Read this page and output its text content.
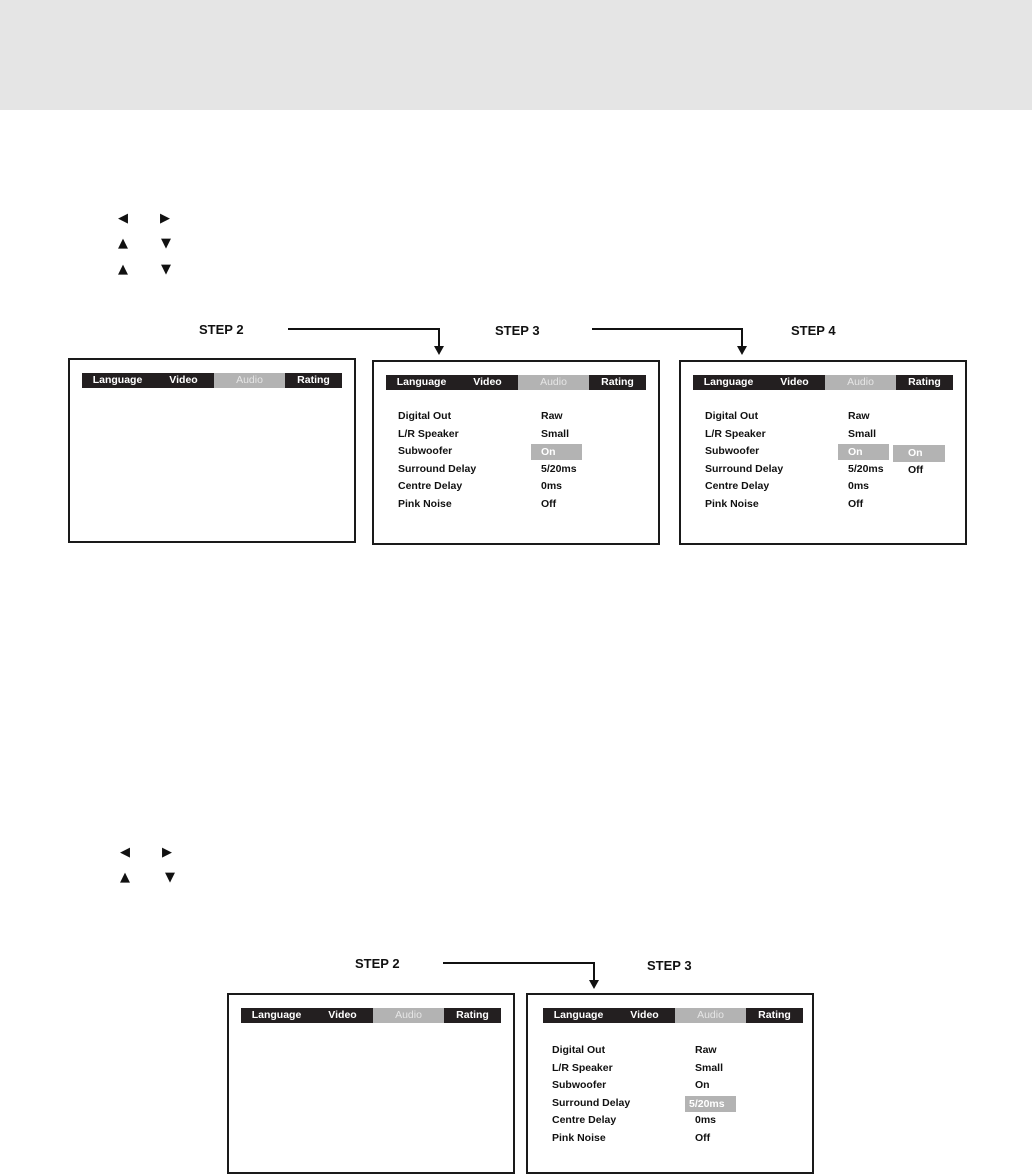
◀ ▶
▲	▼
▲	▼
STEP 2	STEP 3	STEP 4
Language	Video	Audio	Rating	Language	Video	Audio	Rating
Digital Out	Raw
L/R Speaker	Small
Subwoofer	On
Surround Delay	5/20ms
Centre Delay	0ms
Pink Noise	Off
Language	Video	Audio	Rating
Digital Out	Raw
L/R Speaker	Small
Subwoofer	On
Surround Delay	5/20ms
Centre Delay	0ms
Pink Noise	Off
On
Off
◀ ▶
▲	▼
STEP 2	STEP 3
Language	Video	Audio	Rating	Language	Video	Audio	Rating
Digital Out	Raw
L/R Speaker	Small
Subwoofer	On
Surround Delay	5/20ms
Centre Delay	0ms
Pink Noise	Off
